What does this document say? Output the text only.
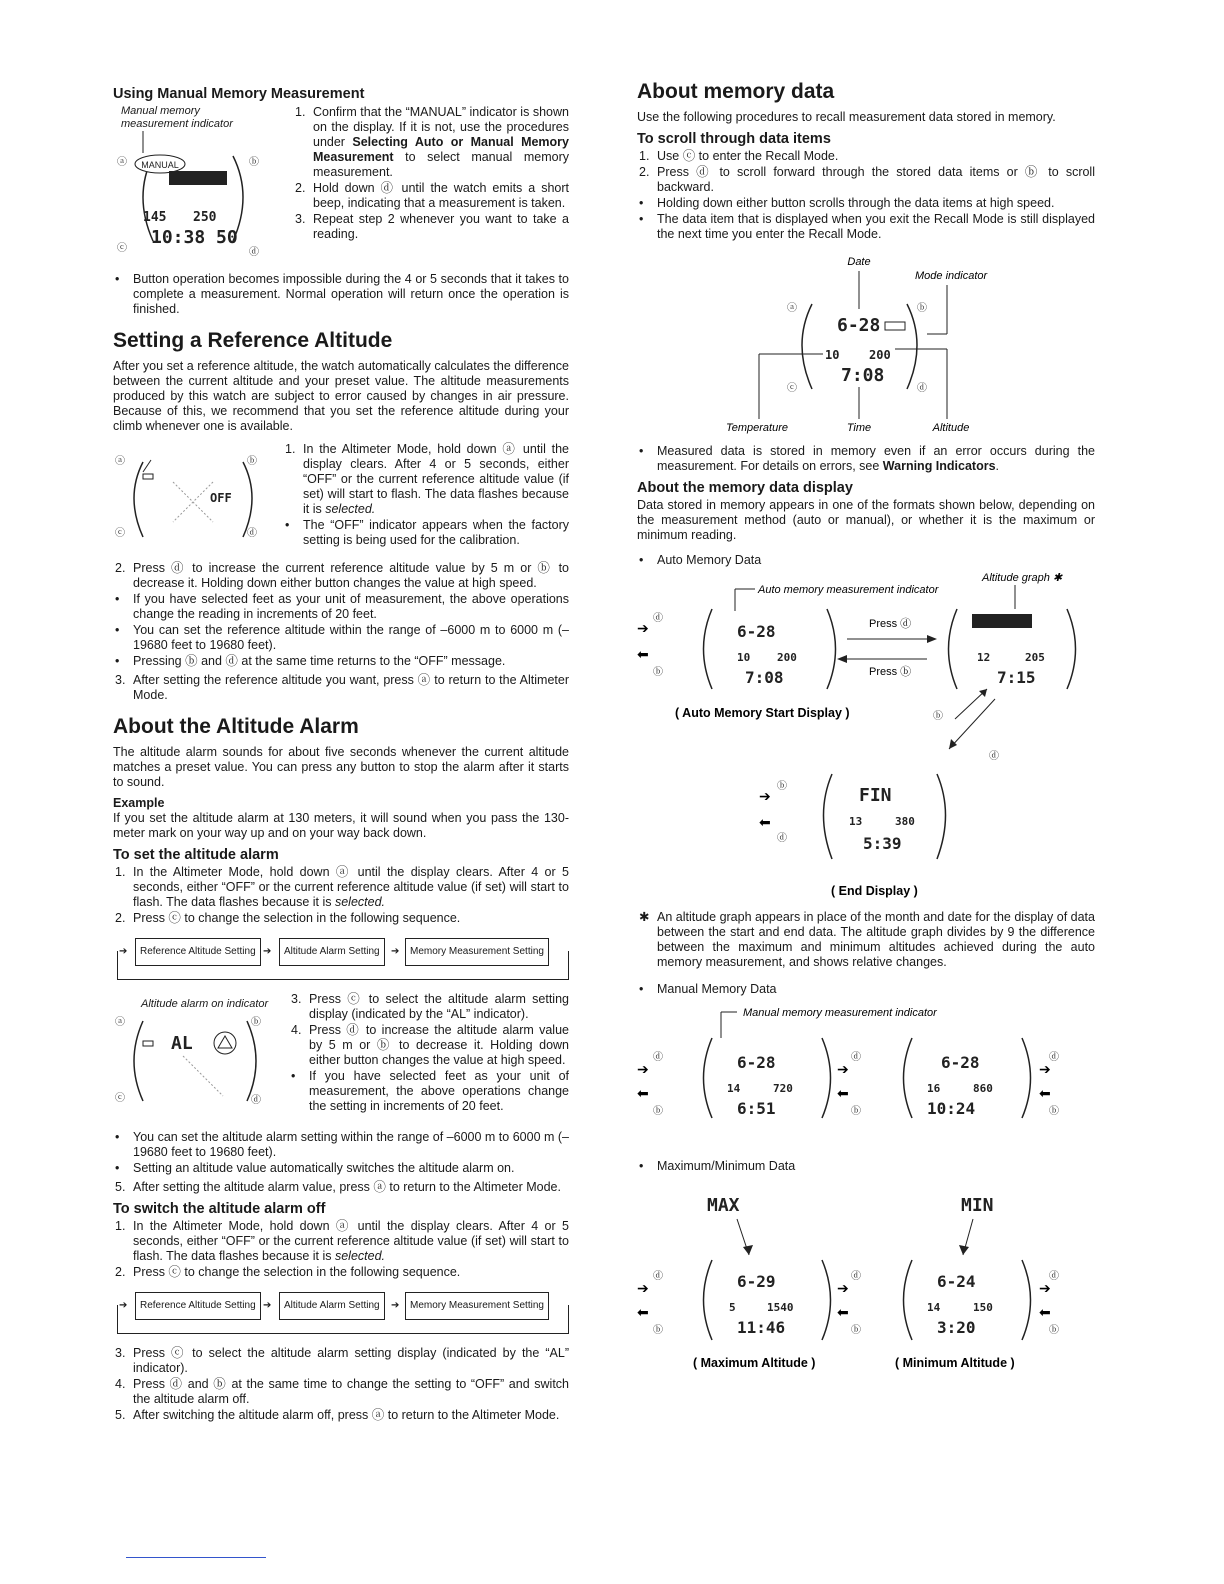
Using Manual Memory Measurement
Manual memory measurement indicator
MANUAL
145 250
10:38 50
ⓐ	ⓑ
ⓒ	ⓓ
1. Confirm that the “MANUAL” indicator is shown on the display. If it is not, use the procedures under Selecting Auto or Manual Memory Measurement to select manual memory measurement.
2. Hold down ⓓ until the watch emits a short beep, indicating that a measurement is taken.
3. Repeat step 2 whenever you want to take a reading.
• Button operation becomes impossible during the 4 or 5 seconds that it takes to complete a measurement. Normal operation will return once the operation is finished.
Setting a Reference Altitude

After you set a reference altitude, the watch automatically calculates the difference between the current altitude and your preset value. The altitude measurements produced by this watch are subject to error caused by changes in air pressure. Because of this, we recommend that you set the reference altitude during your climb whenever one is available.

OFF
ⓐ	ⓑ
ⓒ	ⓓ
1. In the Altimeter Mode, hold down ⓐ until the display clears. After 4 or 5 seconds, either “OFF” or the current reference altitude value (if set) will start to flash. The data flashes because it is selected.
• The “OFF” indicator appears when the factory setting is being used for the calibration.
2. Press ⓓ to increase the current reference altitude value by 5 m or ⓑ to decrease it. Holding down either button changes the value at high speed.
• If you have selected feet as your unit of measurement, the above operations change the reading in increments of 20 feet.
• You can set the reference altitude within the range of –6000 m to 6000 m (–19680 feet to 19680 feet).
• Pressing ⓑ and ⓓ at the same time returns to the “OFF” message.
3. After setting the reference altitude you want, press ⓐ to return to the Altimeter Mode.
About the Altitude Alarm

The altitude alarm sounds for about five seconds whenever the current altitude matches a preset value. You can press any button to stop the alarm after it starts to sound.

Example

If you set the altitude alarm at 130 meters, it will sound when you pass the 130-meter mark on your way up and on your way back down.

To set the altitude alarm
1. In the Altimeter Mode, hold down ⓐ until the display clears. After 4 or 5 seconds, either “OFF” or the current reference altitude value (if set) will start to flash. The data flashes because it is selected.
2. Press ⓒ to change the selection in the following sequence.
➔	Reference Altitude Setting ➔	Altitude Alarm Setting	➔	Memory Measurement Setting
Altitude alarm on indicator
AL
ⓐ	ⓑ
ⓒ	ⓓ
3. Press ⓒ to select the altitude alarm setting display (indicated by the “AL” indicator).
4. Press ⓓ to increase the altitude alarm value by 5 m or ⓑ to decrease it. Holding down either button changes the value at high speed.
• If you have selected feet as your unit of measurement, the above operations change the setting in increments of 20 feet.
• You can set the altitude alarm setting within the range of –6000 m to 6000 m (–19680 feet to 19680 feet).
• Setting an altitude value automatically switches the altitude alarm on.
5. After setting the altitude alarm value, press ⓐ to return to the Altimeter Mode.
To switch the altitude alarm off
1. In the Altimeter Mode, hold down ⓐ until the display clears. After 4 or 5 seconds, either “OFF” or the current reference altitude value (if set) will start to flash. The data flashes because it is selected.
2. Press ⓒ to change the selection in the following sequence.
➔	Reference Altitude Setting ➔	Altitude Alarm Setting	➔	Memory Measurement Setting
3. Press ⓒ to select the altitude alarm setting display (indicated by the “AL” indicator).
4. Press ⓓ and ⓑ at the same time to change the setting to “OFF” and switch the altitude alarm off.
5. After switching the altitude alarm off, press ⓐ to return to the Altimeter Mode.
About memory data

Use the following procedures to recall measurement data stored in memory.

To scroll through data items
1. Use ⓒ to enter the Recall Mode.
2. Press ⓓ to scroll forward through the stored data items or ⓑ to scroll backward.
• Holding down either button scrolls through the data items at high speed.
• The data item that is displayed when you exit the Recall Mode is still displayed the next time you enter the Recall Mode.
Date
Mode indicator
6-28
10 200
7:08
Temperature	Time	Altitude
ⓐ	ⓑ
ⓒ	ⓓ
• Measured data is stored in memory even if an error occurs during the measurement. For details on errors, see Warning Indicators.
About the memory data display

Data stored in memory appears in one of the formats shown below, depending on the measurement method (auto or manual), or whether it is the maximum or minimum reading.

• Auto Memory Data
Altitude graph ✱
Auto memory measurement indicator
6-28
10 200
7:08
ⓓ
➔
⬅
ⓑ
Press ⓓ
Press ⓑ
12	205
7:15
( Auto Memory Start Display )	ⓑ
ⓓ
FIN
13	380
5:39
ⓑ
➔
⬅
ⓓ
( End Display )
✱ An altitude graph appears in place of the month and date for the display of data between the start and end data. The altitude graph divides by 9 the difference between the maximum and minimum altitudes achieved during the auto memory measurement, and shows relative changes.
• Manual Memory Data
Manual memory measurement indicator
6-28
14	720
6:51
ⓓ
➔
⬅
ⓑ
ⓓ
➔
⬅
ⓑ
6-28
16	860
10:24
ⓓ
➔
⬅
ⓑ
• Maximum/Minimum Data
MAX	MIN
6-29
5	1540
11:46
ⓓ
➔
⬅
ⓑ
ⓓ
➔
⬅
ⓑ
6-24
14	150
3:20
ⓓ
➔
⬅
ⓑ
( Maximum Altitude )	( Minimum Altitude )
